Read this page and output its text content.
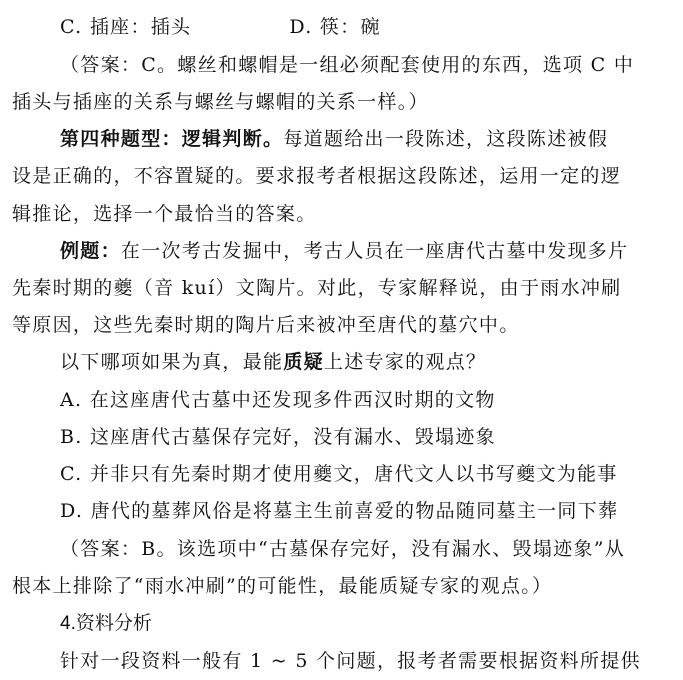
C. 插座：插头	D. 筷：碗
（答案：C。螺丝和螺帽是一组必须配套使用的东西，选项 C 中
插头与插座的关系与螺丝与螺帽的关系一样。）
第四种题型：逻辑判断。每道题给出一段陈述，这段陈述被假
设是正确的，不容置疑的。要求报考者根据这段陈述，运用一定的逻
辑推论，选择一个最恰当的答案。
例题：在一次考古发掘中，考古人员在一座唐代古墓中发现多片
先秦时期的夔（音 kuí）文陶片。对此，专家解释说，由于雨水冲刷
等原因，这些先秦时期的陶片后来被冲至唐代的墓穴中。
以下哪项如果为真，最能质疑上述专家的观点？
A. 在这座唐代古墓中还发现多件西汉时期的文物
B. 这座唐代古墓保存完好，没有漏水、毁塌迹象
C. 并非只有先秦时期才使用夔文，唐代文人以书写夔文为能事
D. 唐代的墓葬风俗是将墓主生前喜爱的物品随同墓主一同下葬
（答案：B。该选项中“古墓保存完好，没有漏水、毁塌迹象”从
根本上排除了“雨水冲刷”的可能性，最能质疑专家的观点。）
4.资料分析
针对一段资料一般有 1 ~ 5 个问题，报考者需要根据资料所提供
